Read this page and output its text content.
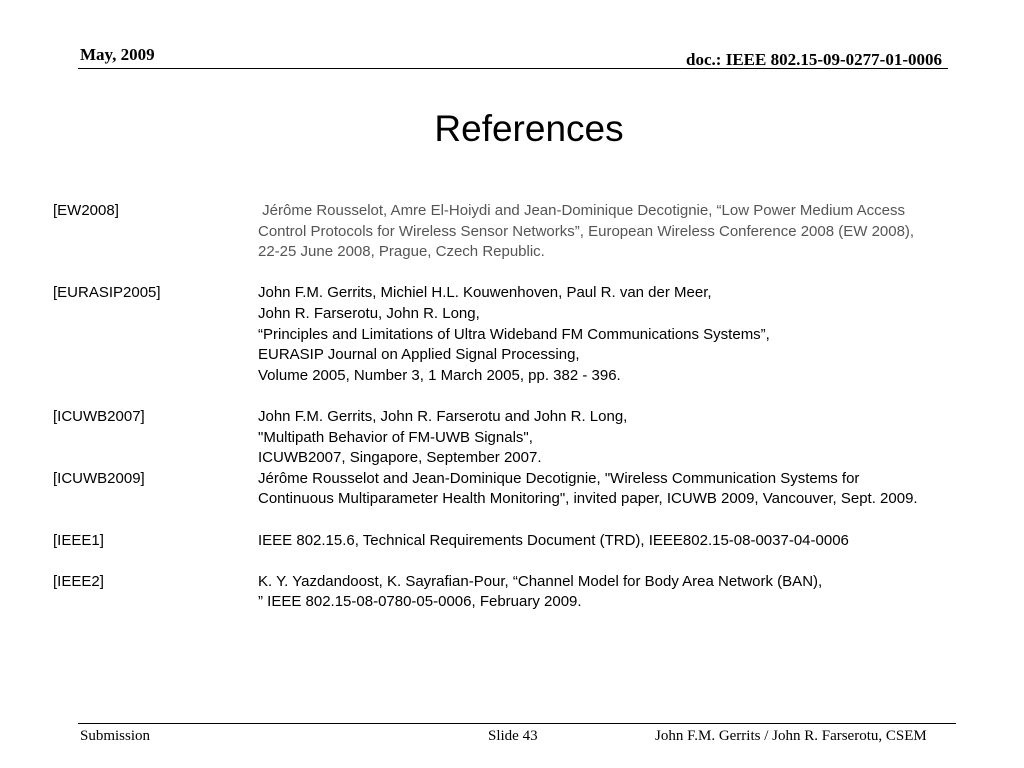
May, 2009	doc.: IEEE 802.15-09-0277-01-0006
References
[EW2008]	Jérôme Rousselot, Amre El-Hoiydi and Jean-Dominique Decotignie, “Low Power Medium Access
Control Protocols for Wireless Sensor Networks”, European Wireless Conference 2008 (EW 2008),
22-25 June 2008, Prague, Czech Republic.
[EURASIP2005]	John F.M. Gerrits, Michiel H.L. Kouwenhoven, Paul R. van der Meer,
John R. Farserotu, John R. Long,
“Principles and Limitations of Ultra Wideband FM Communications Systems”,
EURASIP Journal on Applied Signal Processing,
Volume 2005, Number 3, 1 March 2005, pp. 382 - 396.
[ICUWB2007]	John F.M. Gerrits, John R. Farserotu and John R. Long,
"Multipath Behavior of FM-UWB Signals",
ICUWB2007, Singapore, September 2007.
[ICUWB2009]	Jérôme Rousselot and Jean-Dominique Decotignie, "Wireless Communication Systems for
Continuous Multiparameter Health Monitoring", invited paper, ICUWB 2009, Vancouver, Sept. 2009.
[IEEE1]	IEEE 802.15.6, Technical Requirements Document (TRD), IEEE802.15-08-0037-04-0006
[IEEE2]	K. Y. Yazdandoost, K. Sayrafian-Pour, “Channel Model for Body Area Network (BAN),
” IEEE 802.15-08-0780-05-0006, February 2009.
Submission	Slide 43	John F.M. Gerrits / John R. Farserotu, CSEM
